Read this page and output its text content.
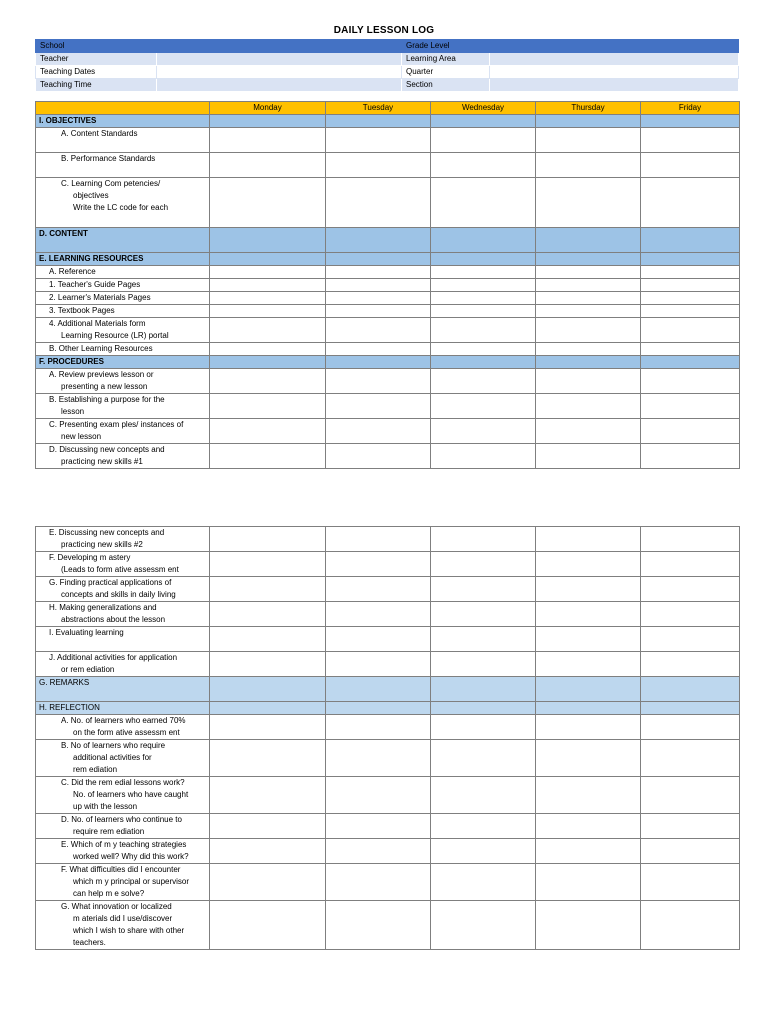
DAILY LESSON LOG
School		Grade Level	
Teacher		Learning Area	
Teaching Dates		Quarter	
Teaching Time		Section	
	Monday	Tuesday	Wednesday	Thursday	Friday

I. OBJECTIVES					

A. Content Standards					

B. Performance Standards					

C. Learning Com petencies/
objectives
Write the LC code for each					

D. CONTENT					

E. LEARNING RESOURCES					

A. Reference					

1. Teacher's Guide Pages					

2. Learner's Materials Pages					

3. Textbook Pages					

4. Additional Materials form
Learning Resource (LR) portal					

B. Other Learning Resources					

F. PROCEDURES					

A. Review previews lesson or
presenting a new lesson					

B. Establishing a purpose for the
lesson					

C. Presenting exam ples/ instances of
new lesson					

D. Discussing new concepts and
practicing new skills #1					

E. Discussing new concepts and
practicing new skills #2					

F. Developing m astery
(Leads to form ative assessm ent					

G. Finding practical applications of
concepts and skills in daily living					

H. Making generalizations and
abstractions about the lesson					

I. Evaluating learning					

J. Additional activities for application
or rem ediation					

G. REMARKS					

H. REFLECTION					

A. No. of learners who earned 70%
on the form ative assessm ent					

B. No of learners who require
additional activities for
rem ediation					

C. Did the rem edial lessons work?
No. of learners who have caught
up with the lesson					

D. No. of learners who continue to
require rem ediation					

E. Which of m y teaching strategies
worked well? Why did this work?					

F. What difficulties did I encounter
which m y principal or supervisor
can help m e solve?					

G. What innovation or localized
m aterials did I use/discover
which I wish to share with other
teachers.					
